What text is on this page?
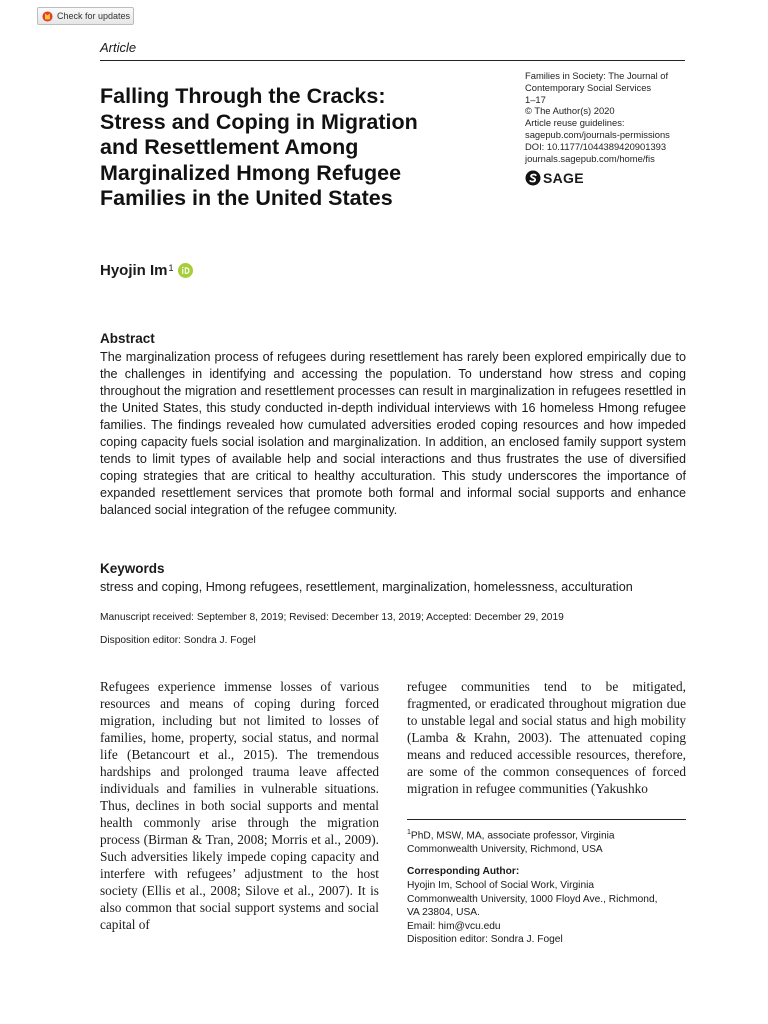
Check for updates
Article
Falling Through the Cracks:
Stress and Coping in Migration
and Resettlement Among
Marginalized Hmong Refugee
Families in the United States
Families in Society: The Journal of
Contemporary Social Services
1–17
© The Author(s) 2020
Article reuse guidelines:
sagepub.com/journals-permissions
DOI: 10.1177/1044389420901393
journals.sagepub.com/home/fis
SAGE
Hyojin Im 1
Abstract
The marginalization process of refugees during resettlement has rarely been explored empirically due to the challenges in identifying and accessing the population. To understand how stress and coping throughout the migration and resettlement processes can result in marginalization in refugees resettled in the United States, this study conducted in-depth individual interviews with 16 homeless Hmong refugee families. The findings revealed how cumulated adversities eroded coping resources and how impeded coping capacity fuels social isolation and marginalization. In addition, an enclosed family support system tends to limit types of available help and social interactions and thus frustrates the use of diversified coping strategies that are critical to healthy acculturation. This study underscores the importance of expanded resettlement services that promote both formal and informal social supports and enhance balanced social integration of the refugee community.
Keywords
stress and coping, Hmong refugees, resettlement, marginalization, homelessness, acculturation
Manuscript received: September 8, 2019; Revised: December 13, 2019; Accepted: December 29, 2019
Disposition editor: Sondra J. Fogel
Refugees experience immense losses of various resources and means of coping during forced migration, including but not limited to losses of families, home, property, social status, and normal life (Betancourt et al., 2015). The tremendous hardships and prolonged trauma leave affected individuals and families in vulnerable situations. Thus, declines in both social supports and mental health commonly arise through the migration process (Birman & Tran, 2008; Morris et al., 2009). Such adversities likely impede coping capacity and interfere with refugees’ adjustment to the host society (Ellis et al., 2008; Silove et al., 2007). It is also common that social support systems and social capital of
refugee communities tend to be mitigated, fragmented, or eradicated throughout migration due to unstable legal and social status and high mobility (Lamba & Krahn, 2003). The attenuated coping means and reduced accessible resources, therefore, are some of the common consequences of forced migration in refugee communities (Yakushko
$^1$PhD, MSW, MA, associate professor, Virginia Commonwealth University, Richmond, USA
Corresponding Author:
Hyojin Im, School of Social Work, Virginia
Commonwealth University, 1000 Floyd Ave., Richmond,
VA 23804, USA.
Email: him@vcu.edu
Disposition editor: Sondra J. Fogel
